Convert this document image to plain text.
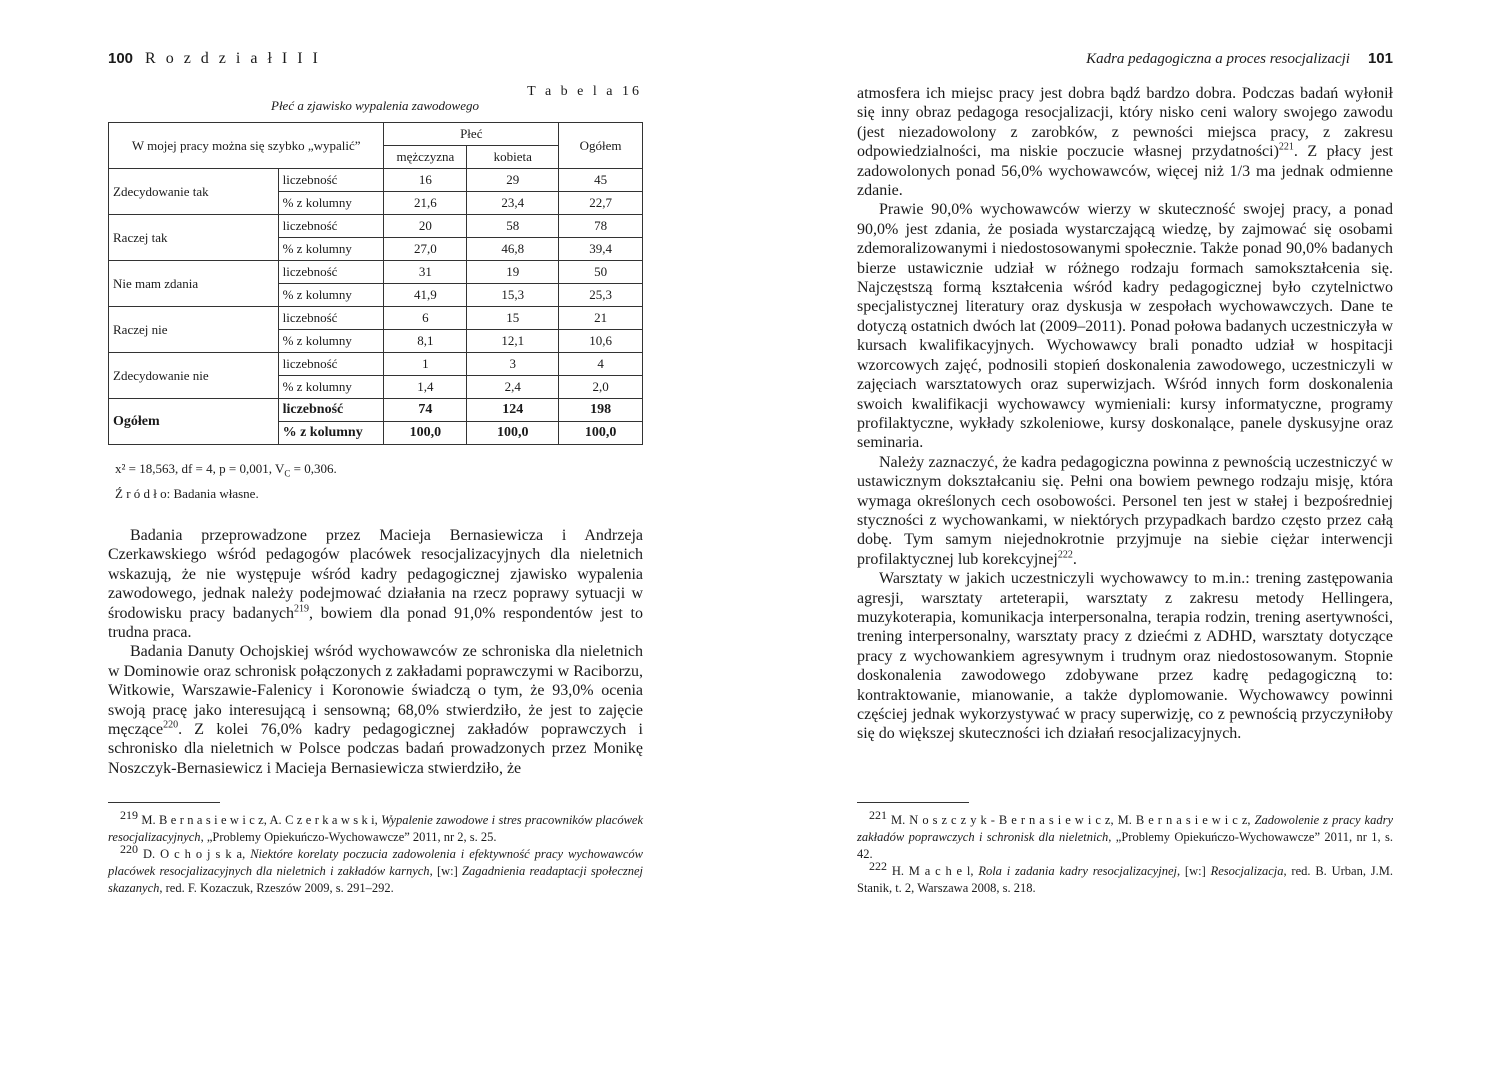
100 R o z d z i a ł I I I
T a b e l a 16
Płeć a zjawisko wypalenia zawodowego
W mojej pracy można się szybko „wypalić”		Płeć		Ogółem
		mężczyzna	kobieta	
Zdecydowanie tak	liczebność	16	29	45
	% z kolumny	21,6	23,4	22,7
Raczej tak	liczebność	20	58	78
	% z kolumny	27,0	46,8	39,4
Nie mam zdania	liczebność	31	19	50
	% z kolumny	41,9	15,3	25,3
Raczej nie	liczebność	6	15	21
	% z kolumny	8,1	12,1	10,6
Zdecydowanie nie	liczebność	1	3	4
	% z kolumny	1,4	2,4	2,0
Ogółem	liczebność	74	124	198
	% z kolumny	100,0	100,0	100,0
x² = 18,563, df = 4, p = 0,001, $V_C = 0,306$.
Ź r ó d ł o: Badania własne.

Badania przeprowadzone przez Macieja Bernasiewicza i Andrzeja Czerkawskiego wśród pedagogów placówek resocjalizacyjnych dla nieletnich wskazują, że nie występuje wśród kadry pedagogicznej zjawisko wypalenia zawodowego, jednak należy podejmować działania na rzecz poprawy sytuacji w środowisku pracy badanych$^{219}$, bowiem dla ponad 91,0% respondentów jest to trudna praca.

Badania Danuty Ochojskiej wśród wychowawców ze schroniska dla nieletnich w Dominowie oraz schronisk połączonych z zakładami poprawczymi w Raciborzu, Witkowie, Warszawie-Falenicy i Koronowie świadczą o tym, że 93,0% ocenia swoją pracę jako interesującą i sensowną; 68,0% stwierdziło, że jest to zajęcie męczące$^{220}$. Z kolei 76,0% kadry pedagogicznej zakładów poprawczych i schronisko dla nieletnich w Polsce podczas badań prowadzonych przez Monikę Noszczyk-Bernasiewicz i Macieja Bernasiewicza stwierdziło, że

$^{219}$ M. B e r n a s i e w i c z, A. C z e r k a w s k i, Wypalenie zawodowe i stres pracowników placówek resocjalizacyjnych, „Problemy Opiekuńczo-Wychowawcze” 2011, nr 2, s. 25.

$^{220}$ D. O c h o j s k a, Niektóre korelaty poczucia zadowolenia i efektywność pracy wychowawców placówek resocjalizacyjnych dla nieletnich i zakładów karnych, [w:] Zagadnienia readaptacji społecznej skazanych, red. F. Kozaczuk, Rzeszów 2009, s. 291–292.

Kadra pedagogiczna a proces resocjalizacji 101

atmosfera ich miejsc pracy jest dobra bądź bardzo dobra. Podczas badań wyłonił się inny obraz pedagoga resocjalizacji, który nisko ceni walory swojego zawodu (jest niezadowolony z zarobków, z pewności miejsca pracy, z zakresu odpowiedzialności, ma niskie poczucie własnej przydatności)$^{221}$. Z płacy jest zadowolonych ponad 56,0% wychowawców, więcej niż 1/3 ma jednak odmienne zdanie.

Prawie 90,0% wychowawców wierzy w skuteczność swojej pracy, a ponad 90,0% jest zdania, że posiada wystarczającą wiedzę, by zajmować się osobami zdemoralizowanymi i niedostosowanymi społecznie. Także ponad 90,0% badanych bierze ustawicznie udział w różnego rodzaju formach samokształcenia się. Najczęstszą formą kształcenia wśród kadry pedagogicznej było czytelnictwo specjalistycznej literatury oraz dyskusja w zespołach wychowawczych. Dane te dotyczą ostatnich dwóch lat (2009–2011). Ponad połowa badanych uczestniczyła w kursach kwalifikacyjnych. Wychowawcy brali ponadto udział w hospitacji wzorcowych zajęć, podnosili stopień doskonalenia zawodowego, uczestniczyli w zajęciach warsztatowych oraz superwizjach. Wśród innych form doskonalenia swoich kwalifikacji wychowawcy wymieniali: kursy informatyczne, programy profilaktyczne, wykłady szkoleniowe, kursy doskonalące, panele dyskusyjne oraz seminaria.

Należy zaznaczyć, że kadra pedagogiczna powinna z pewnością uczestniczyć w ustawicznym dokształcaniu się. Pełni ona bowiem pewnego rodzaju misję, która wymaga określonych cech osobowości. Personel ten jest w stałej i bezpośredniej styczności z wychowankami, w niektórych przypadkach bardzo często przez całą dobę. Tym samym niejednokrotnie przyjmuje na siebie ciężar interwencji profilaktycznej lub korekcyjnej$^{222}$.

Warsztaty w jakich uczestniczyli wychowawcy to m.in.: trening zastępowania agresji, warsztaty arteterapii, warsztaty z zakresu metody Hellingera, muzykoterapia, komunikacja interpersonalna, terapia rodzin, trening asertywności, trening interpersonalny, warsztaty pracy z dziećmi z ADHD, warsztaty dotyczące pracy z wychowankiem agresywnym i trudnym oraz niedostosowanym. Stopnie doskonalenia zawodowego zdobywane przez kadrę pedagogiczną to: kontraktowanie, mianowanie, a także dyplomowanie. Wychowawcy powinni częściej jednak wykorzystywać w pracy superwizję, co z pewnością przyczyniłoby się do większej skuteczności ich działań resocjalizacyjnych.

$^{221}$ M. N o s z c z y k - B e r n a s i e w i c z, M. B e r n a s i e w i c z, Zadowolenie z pracy kadry zakładów poprawczych i schronisk dla nieletnich, „Problemy Opiekuńczo-Wychowawcze” 2011, nr 1, s. 42.

$^{222}$ H. M a c h e l, Rola i zadania kadry resocjalizacyjnej, [w:] Resocjalizacja, red. B. Urban, J.M. Stanik, t. 2, Warszawa 2008, s. 218.
